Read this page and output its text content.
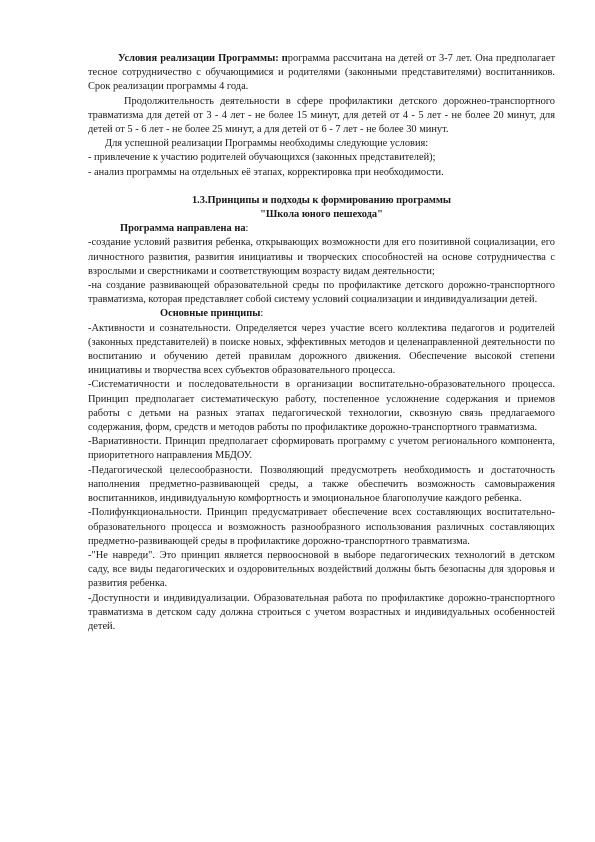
Условия реализации Программы: программа рассчитана на детей от 3-7 лет. Она предполагает тесное сотрудничество с обучающимися и родителями (законными представителями) воспитанников. Срок реализации программы 4 года.

Продолжительность деятельности в сфере профилактики детского дорожнео-транспортного травматизма для детей от 3 - 4 лет - не более 15 минут, для детей от 4 - 5 лет - не более 20 минут, для детей от 5 - 6 лет - не более 25 минут, а для детей от 6 - 7 лет - не более 30 минут.

Для успешной реализации Программы необходимы следующие условия:

- привлечение к участию родителей обучающихся (законных представителей);

- анализ программы на отдельных её этапах, корректировка при необходимости.

1.3.Принципы и подходы к формированию программы

"Школа юного пешехода"

Программа направлена на:

-создание условий развития ребенка, открывающих возможности для его позитивной социализации, его личностного развития, развития инициативы и творческих способностей на основе сотрудничества с взрослыми и сверстниками и соответствующим возрасту видам деятельности;

-на создание развивающей образовательной среды по профилактике детского дорожно-транспортного травматизма, которая представляет собой систему условий социализации и индивидуализации детей.

Основные принципы:

-Активности и сознательности. Определяется через участие всего коллектива педагогов и родителей (законных представителей) в поиске новых, эффективных методов и целенаправленной деятельности по воспитанию и обучению детей правилам дорожного движения. Обеспечение высокой степени инициативы и творчества всех субъектов образовательного процесса.

-Систематичности и последовательности в организации воспитательно-образовательного процесса. Принцип предполагает систематическую работу, постепенное усложнение содержания и приемов работы с детьми на разных этапах педагогической технологии, сквозную связь предлагаемого содержания, форм, средств и методов работы по профилактике дорожно-транспортного травматизма.

-Вариативности. Принцип предполагает сформировать программу с учетом регионального компонента, приоритетного направления МБДОУ.

-Педагогической целесообразности. Позволяющий предусмотреть необходимость и достаточность наполнения предметно-развивающей среды, а также обеспечить возможность самовыражения воспитанников, индивидуальную комфортность и эмоциональное благополучие каждого ребенка.

-Полифункциональности. Принцип предусматривает обеспечение всех составляющих воспитательно-образовательного процесса и возможность разнообразного использования различных составляющих предметно-развивающей среды в профилактике дорожно-транспортного травматизма.

-"Не навреди". Это принцип является первоосновой в выборе педагогических технологий в детском саду, все виды педагогических и оздоровительных воздействий должны быть безопасны для здоровья и развития ребенка.

-Доступности и индивидуализации. Образовательная работа по профилактике дорожно-транспортного травматизма в детском саду должна строиться с учетом возрастных и индивидуальных особенностей детей.
